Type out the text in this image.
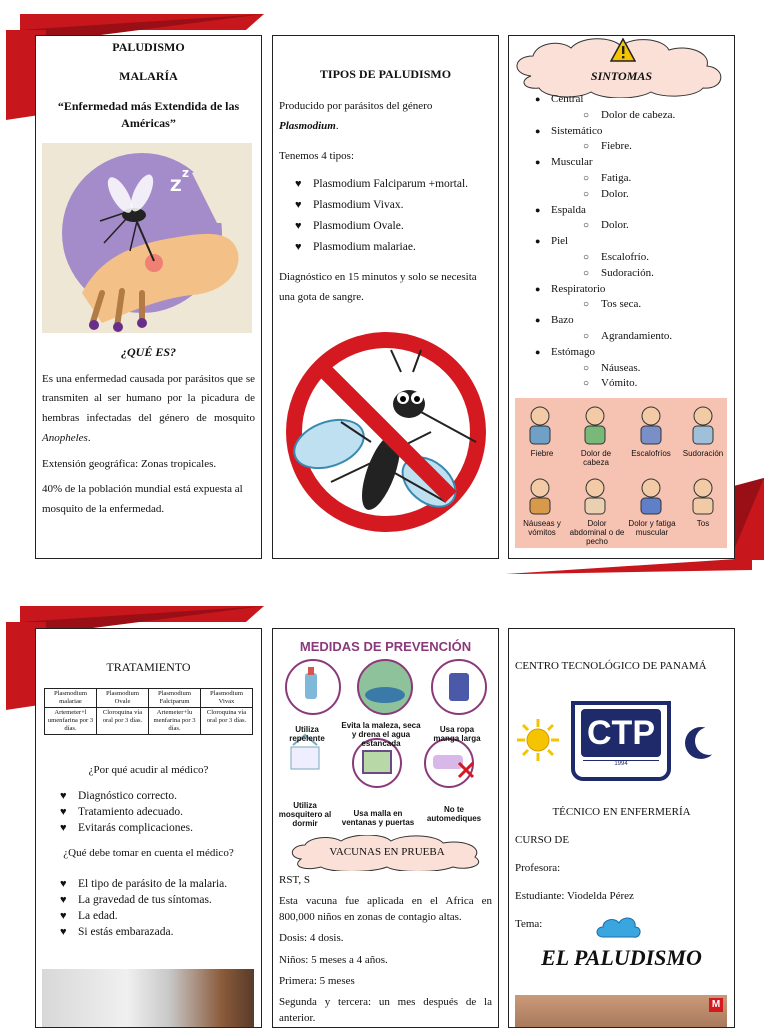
PALUDISMO

MALARÍA

“Enfermedad más Extendida de las Américas”

Z
z

¿QUÉ ES?

Es una enfermedad causada por parásitos que se transmiten al ser humano por la picadura de hembras infectadas del género de mosquito Anopheles.

Extensión geográfica: Zonas tropicales.

40% de la población mundial está expuesta al mosquito de la enfermedad.

TIPOS DE PALUDISMO

Producido por parásitos del género Plasmodium.

Tenemos 4 tipos:

♥ Plasmodium Falciparum +mortal.
♥ Plasmodium Vivax.
♥ Plasmodium Ovale.
♥ Plasmodium malariae.

Diagnóstico en 15 minutos y solo se necesita una gota de sangre.

SINTOMAS

● Central
○ Dolor de cabeza.
● Sistemático
○ Fiebre.
● Muscular
○ Fatiga.
○ Dolor.
● Espalda
○ Dolor.
● Piel
○ Escalofrío.
○ Sudoración.
● Respiratorio
○ Tos seca.
● Bazo
○ Agrandamiento.
● Estómago
○ Náuseas.
○ Vómito.
Fiebre	Dolor de cabeza
Escalofríos Sudoración
Náuseas y vómitos
Dolor abdominal o de pecho
Dolor y fatiga muscular
Tos

TRATAMIENTO

Plasmodium malariae	Plasmodium Ovale	Plasmodium Falciparum	Plasmodium Vivax
Artemeter+l umenfarina por 3 días.	Cloroquina vía oral por 3 días.	Artemeter+lu menfarina por 3 días.	Cloroquina vía oral por 3 días.

¿Por qué acudir al médico?

♥ Diagnóstico correcto.
♥ Tratamiento adecuado.
♥ Evitarás complicaciones.

¿Qué debe tomar en cuenta el médico?

♥ El tipo de parásito de la malaria.
♥ La gravedad de tus síntomas.
♥ La edad.
♥ Si estás embarazada.

MEDIDAS DE PREVENCIÓN

Utiliza repelente
Evita la maleza, seca y drena el agua estancada
Usa ropa manga larga
Utiliza mosquitero al dormir
Usa malla en ventanas y puertas
No te automediques

VACUNAS EN PRUEBA

RST, S

Esta vacuna fue aplicada en el Africa en 800,000 niños en zonas de contagio altas.

Dosis: 4 dosis.

Niños: 5 meses a 4 años.

Primera: 5 meses

Segunda y tercera: un mes después de la anterior.

CENTRO TECNOLÓGICO DE PANAMÁ

CTP
1994

TÉCNICO EN ENFERMERÍA

CURSO DE

Profesora:

Estudiante: Viodelda Pérez

Tema:

EL PALUDISMO

M
